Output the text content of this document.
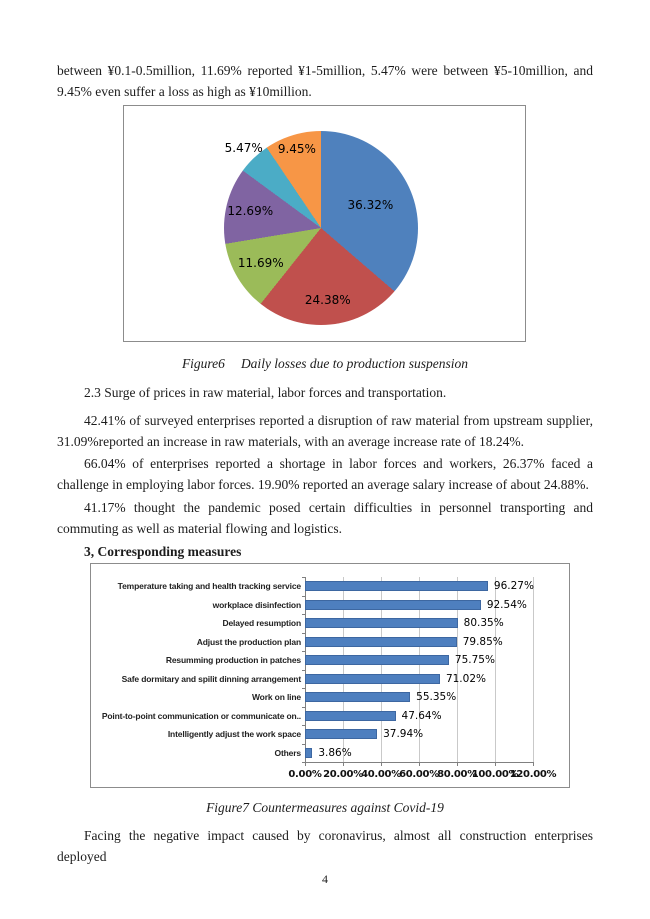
between ¥0.1-0.5million, 11.69% reported ¥1-5million, 5.47% were between ¥5-10million, and 9.45% even suffer a loss as high as ¥10million.

36.32%
24.38%
11.69%
12.69%
5.47% 9.45%
Figure6 Daily losses due to production suspension

2.3 Surge of prices in raw material, labor forces and transportation.

42.41% of surveyed enterprises reported a disruption of raw material from upstream supplier, 31.09%reported an increase in raw materials, with an average increase rate of 18.24%.

66.04% of enterprises reported a shortage in labor forces and workers, 26.37% faced a challenge in employing labor forces. 19.90% reported an average salary increase of about 24.88%.

41.17% thought the pandemic posed certain difficulties in personnel transporting and commuting as well as material flowing and logistics.

3, Corresponding measures
0.00% 20.00%
40.00%
60.00%
80.00%
100.00%
120.00%
Temperature taking and health tracking service	96.27%
workplace disinfection	92.54%
Delayed resumption	80.35%
Adjust the production plan	79.85%
Resumming production in patches	75.75%
Safe dormitary and spilit dinning arrangement	71.02%
Work on line	55.35%
Point-to-point communication or communicate on..	47.64%
Intelligently adjust the work space	37.94%
Others 3.86%
Figure7 Countermeasures against Covid-19

Facing the negative impact caused by coronavirus, almost all construction enterprises deployed

4
